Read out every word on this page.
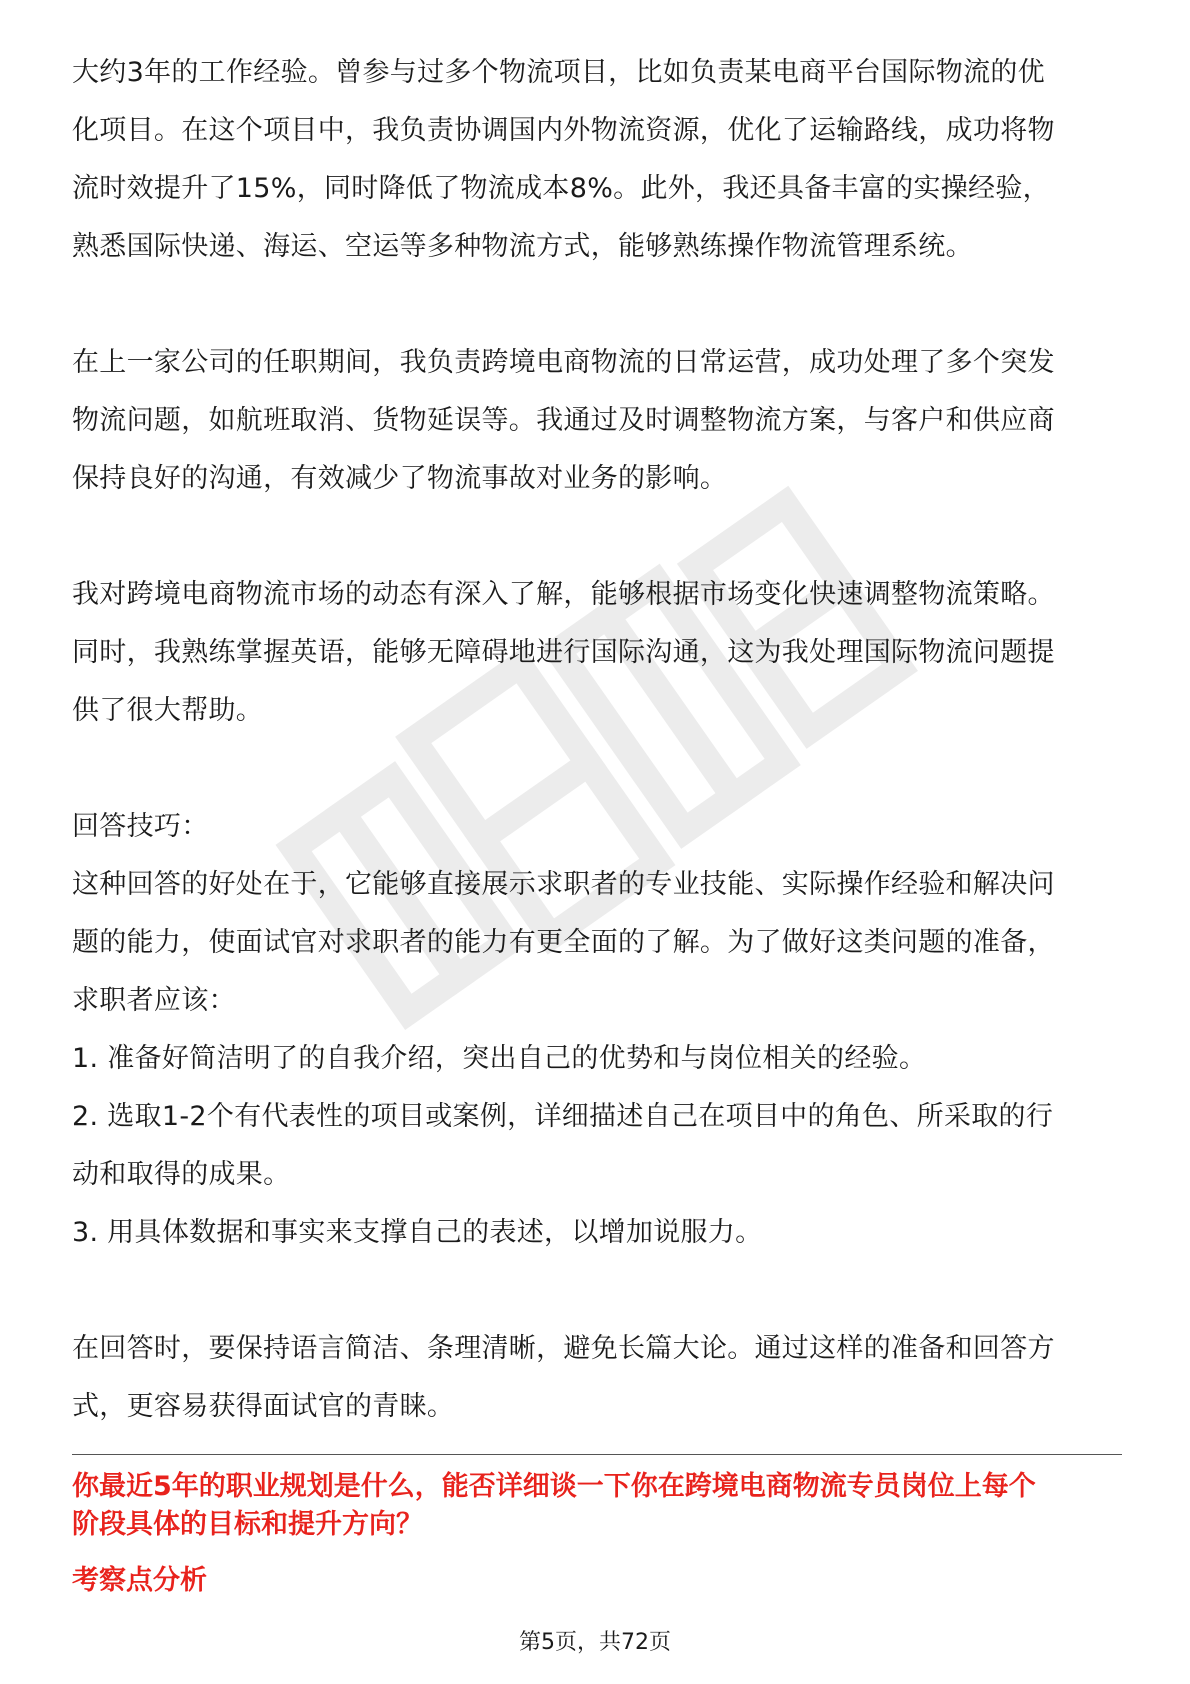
大约3年的工作经验。曾参与过多个物流项目，比如负责某电商平台国际物流的优
化项目。在这个项目中，我负责协调国内外物流资源，优化了运输路线，成功将物
流时效提升了15%，同时降低了物流成本8%。此外，我还具备丰富的实操经验，
熟悉国际快递、海运、空运等多种物流方式，能够熟练操作物流管理系统。
在上一家公司的任职期间，我负责跨境电商物流的日常运营，成功处理了多个突发
物流问题，如航班取消、货物延误等。我通过及时调整物流方案，与客户和供应商
保持良好的沟通，有效减少了物流事故对业务的影响。
我对跨境电商物流市场的动态有深入了解，能够根据市场变化快速调整物流策略。
同时，我熟练掌握英语，能够无障碍地进行国际沟通，这为我处理国际物流问题提
供了很大帮助。
回答技巧：
这种回答的好处在于，它能够直接展示求职者的专业技能、实际操作经验和解决问
题的能力，使面试官对求职者的能力有更全面的了解。为了做好这类问题的准备，
求职者应该：
1. 准备好简洁明了的自我介绍，突出自己的优势和与岗位相关的经验。
2. 选取1-2个有代表性的项目或案例，详细描述自己在项目中的角色、所采取的行
动和取得的成果。
3. 用具体数据和事实来支撑自己的表述，以增加说服力。
在回答时，要保持语言简洁、条理清晰，避免长篇大论。通过这样的准备和回答方
式，更容易获得面试官的青睐。
你最近5年的职业规划是什么，能否详细谈一下你在跨境电商物流专员岗位上每个
阶段具体的目标和提升方向？
考察点分析
第5页，共72页
